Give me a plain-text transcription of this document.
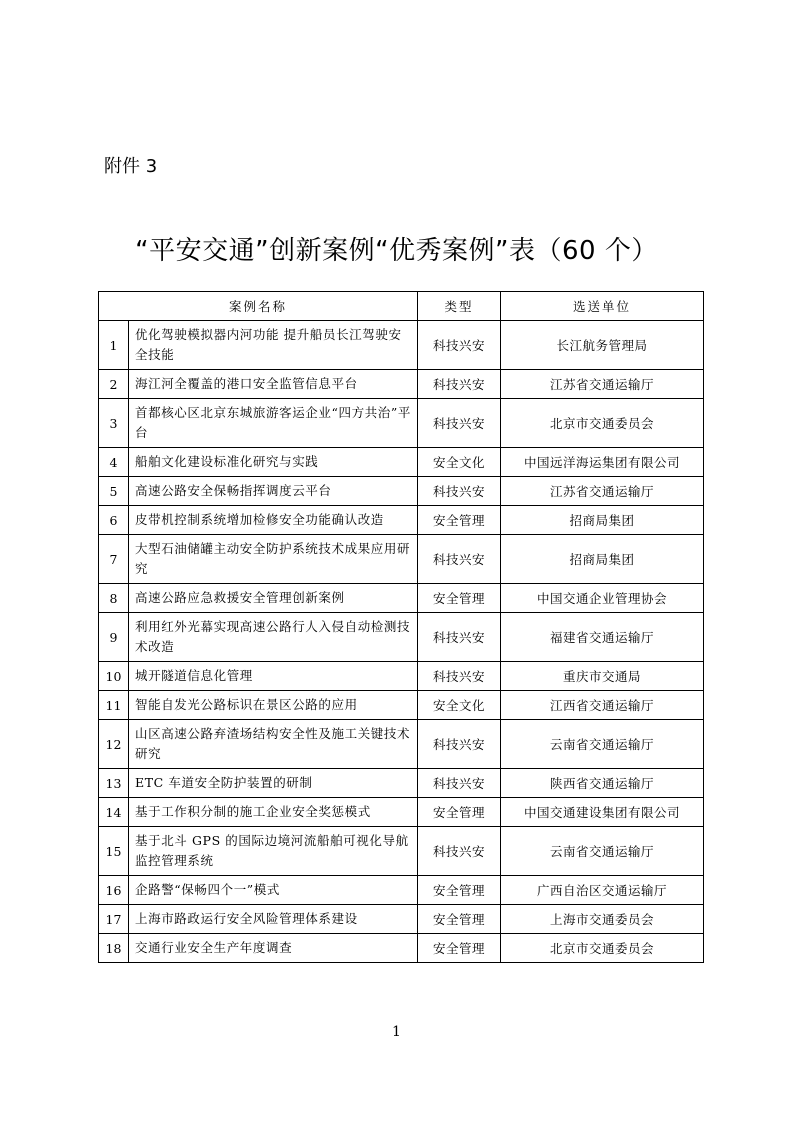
附件 3
“平安交通”创新案例“优秀案例”表（60 个）
案例名称		类型	选送单位
1	优化驾驶模拟器内河功能 提升船员长江驾驶安全技能	科技兴安	长江航务管理局
2	海江河全覆盖的港口安全监管信息平台	科技兴安	江苏省交通运输厅
3	首都核心区北京东城旅游客运企业“四方共治”平台	科技兴安	北京市交通委员会
4	船舶文化建设标准化研究与实践	安全文化	中国远洋海运集团有限公司
5	高速公路安全保畅指挥调度云平台	科技兴安	江苏省交通运输厅
6	皮带机控制系统增加检修安全功能确认改造	安全管理	招商局集团
7	大型石油储罐主动安全防护系统技术成果应用研究	科技兴安	招商局集团
8	高速公路应急救援安全管理创新案例	安全管理	中国交通企业管理协会
9	利用红外光幕实现高速公路行人入侵自动检测技术改造	科技兴安	福建省交通运输厅
10	城开隧道信息化管理	科技兴安	重庆市交通局
11	智能自发光公路标识在景区公路的应用	安全文化	江西省交通运输厅
12	山区高速公路弃渣场结构安全性及施工关键技术研究	科技兴安	云南省交通运输厅
13	ETC 车道安全防护装置的研制	科技兴安	陕西省交通运输厅
14	基于工作积分制的施工企业安全奖惩模式	安全管理	中国交通建设集团有限公司
15	基于北斗 GPS 的国际边境河流船舶可视化导航监控管理系统	科技兴安	云南省交通运输厅
16	企路警“保畅四个一”模式	安全管理	广西自治区交通运输厅
17	上海市路政运行安全风险管理体系建设	安全管理	上海市交通委员会
18	交通行业安全生产年度调查	安全管理	北京市交通委员会
1
